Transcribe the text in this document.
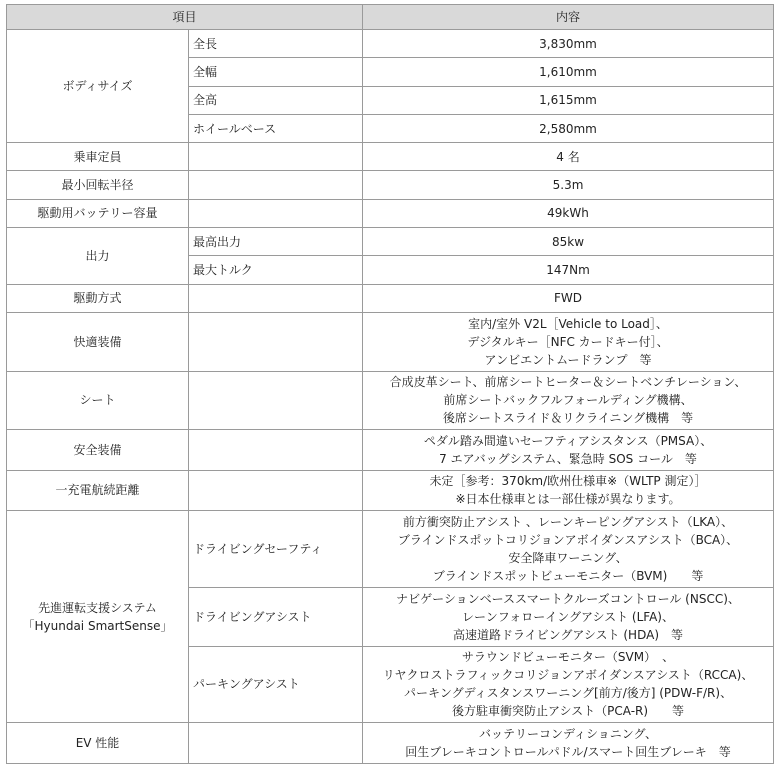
項目		内容
ボディサイズ	全長	3,830mm
	全幅	1,610mm
	全高	1,615mm
	ホイールベース	2,580mm
乗車定員		4 名
最小回転半径		5.3m
駆動用バッテリー容量		49kWh
出力	最高出力	85kw
	最大トルク	147Nm
駆動方式		FWD
快適装備		室内/室外 V2L［Vehicle to Load］、
デジタルキー［NFC カードキー付］、
アンビエントムードランプ　等

シート		合成皮革シート、前席シートヒーター＆シートベンチレーション、
前席シートバックフルフォールディング機構、
後席シートスライド＆リクライニング機構　等

安全装備		ペダル踏み間違いセーフティアシスタンス（PMSA）、
7 エアバッグシステム、緊急時 SOS コール　等

一充電航続距離		未定［参考：370km/欧州仕様車※（WLTP 測定）］
※日本仕様車とは一部仕様が異なります。

先進運転支援システム
「Hyundai SmartSense」	ドライビングセーフティ	前方衝突防止アシスト 、レーンキーピングアシスト（LKA）、
ブラインドスポットコリジョンアボイダンスアシスト（BCA）、
安全降車ワーニング、
ブラインドスポットビューモニター（BVM)　　等

	ドライビングアシスト	ナビゲーションベーススマートクルーズコントロール (NSCC)、
レーンフォローイングアシスト (LFA)、
高速道路ドライビングアシスト (HDA)　等

	パーキングアシスト	サラウンドビューモニター（SVM）　、
リヤクロストラフィックコリジョンアボイダンスアシスト（RCCA)、
パーキングディスタンスワーニング[前方/後方] (PDW-F/R)、
後方駐車衝突防止アシスト（PCA-R)　　等

EV 性能		バッテリーコンディショニング、
回生ブレーキコントロールパドル/スマート回生ブレーキ　等
